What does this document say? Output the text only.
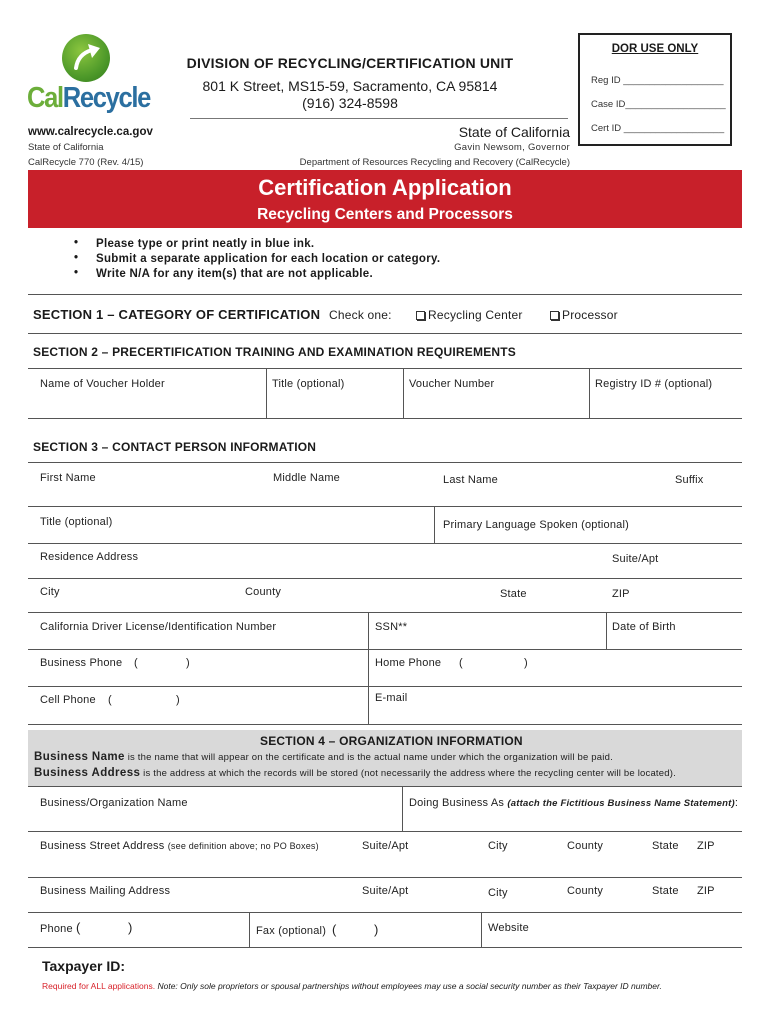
CalRecycle
DIVISION OF RECYCLING/CERTIFICATION UNIT
801 K Street, MS15-59, Sacramento, CA 95814
(916) 324-8598
DOR USE ONLY
Reg ID ___________________
Case ID___________________
Cert ID ___________________
www.calrecycle.ca.gov
State of California
CalRecycle 770 (Rev. 4/15)
State of California
Gavin Newsom, Governor
Department of Resources Recycling and Recovery (CalRecycle)
Certification Application
Recycling Centers and Processors
• Please type or print neatly in blue ink.
• Submit a separate application for each location or category.
• Write N/A for any item(s) that are not applicable.
SECTION 1 – CATEGORY OF CERTIFICATION Check one:	Recycling Center	Processor
SECTION 2 – PRECERTIFICATION TRAINING AND EXAMINATION REQUIREMENTS
Name of Voucher Holder	Title (optional)	Voucher Number	Registry ID # (optional)
SECTION 3 – CONTACT PERSON INFORMATION
First Name	Middle Name	Last Name	Suffix
Title (optional)	Primary Language Spoken (optional)
Residence Address	Suite/Apt
City	County	State	ZIP
California Driver License/Identification Number	SSN**	Date of Birth
Business Phone (	)	Home Phone (	)
Cell Phone (	)	E-mail
SECTION 4 – ORGANIZATION INFORMATION
Business Name is the name that will appear on the certificate and is the actual name under which the organization will be paid.
Business Address is the address at which the records will be stored (not necessarily the address where the recycling center will be located).
Business/Organization Name	Doing Business As (attach the Fictitious Business Name Statement):
Business Street Address (see definition above; no PO Boxes)	Suite/Apt	City	County	State ZIP
Business Mailing Address	Suite/Apt	City	County	State ZIP
Phone (	)	Fax (optional) (	)	Website
Taxpayer ID:
Required for ALL applications. Note: Only sole proprietors or spousal partnerships without employees may use a social security number as their Taxpayer ID number.
